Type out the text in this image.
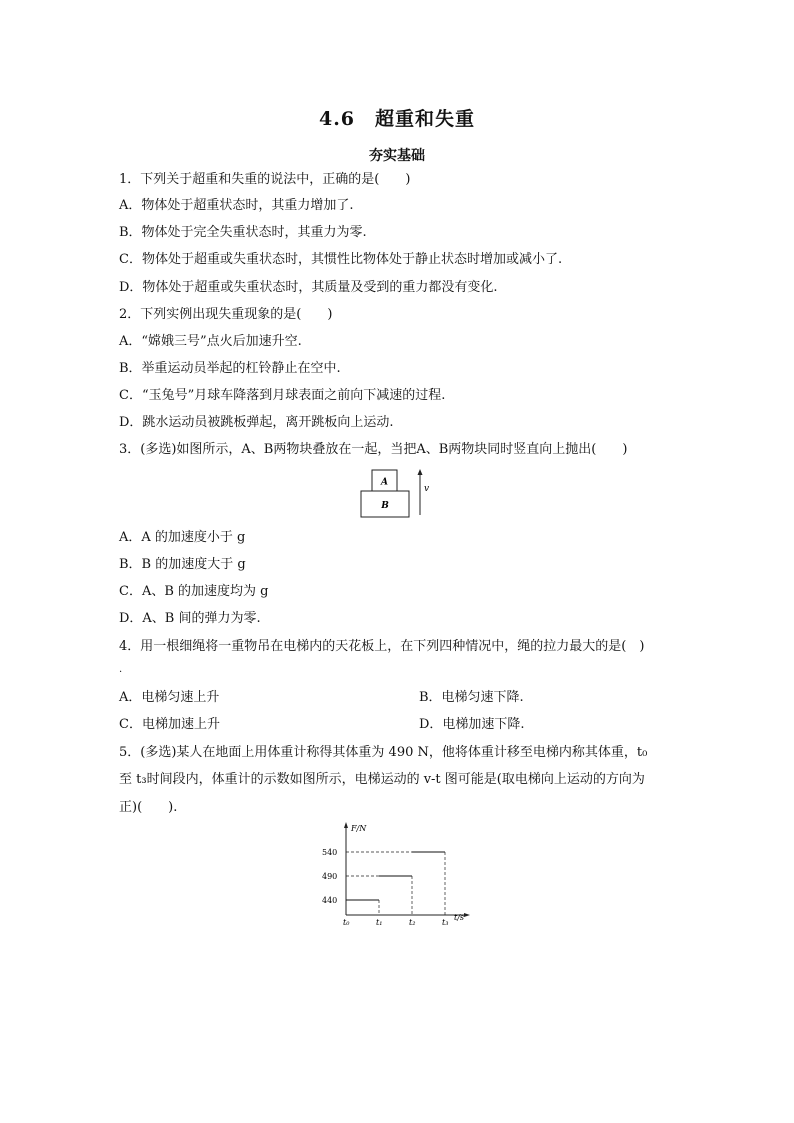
4.6　超重和失重
夯实基础
1．下列关于超重和失重的说法中，正确的是(　　)
A．物体处于超重状态时，其重力增加了.
B．物体处于完全失重状态时，其重力为零.
C．物体处于超重或失重状态时，其惯性比物体处于静止状态时增加或减小了.
D．物体处于超重或失重状态时，其质量及受到的重力都没有变化.
2．下列实例出现失重现象的是(　　)
A．“嫦娥三号”点火后加速升空.
B．举重运动员举起的杠铃静止在空中.
C．“玉兔号”月球车降落到月球表面之前向下减速的过程.
D．跳水运动员被跳板弹起，离开跳板向上运动.
3．(多选)如图所示，A、B两物块叠放在一起，当把A、B两物块同时竖直向上抛出(　　)
A
B
v
A．A 的加速度小于 g
B．B 的加速度大于 g
C．A、B 的加速度均为 g
D．A、B 间的弹力为零.
4．用一根细绳将一重物吊在电梯内的天花板上，在下列四种情况中，绳的拉力最大的是(　)
.
A．电梯匀速上升	B．电梯匀速下降.
C．电梯加速上升	D．电梯加速下降.
5．(多选)某人在地面上用体重计称得其体重为 490 N，他将体重计移至电梯内称其体重，t₀
至 t₃时间段内，体重计的示数如图所示，电梯运动的 v-t 图可能是(取电梯向上运动的方向为
正)(　　).
F/N
t/s
440
490
540
t₀	t₁	t₂	t₃
